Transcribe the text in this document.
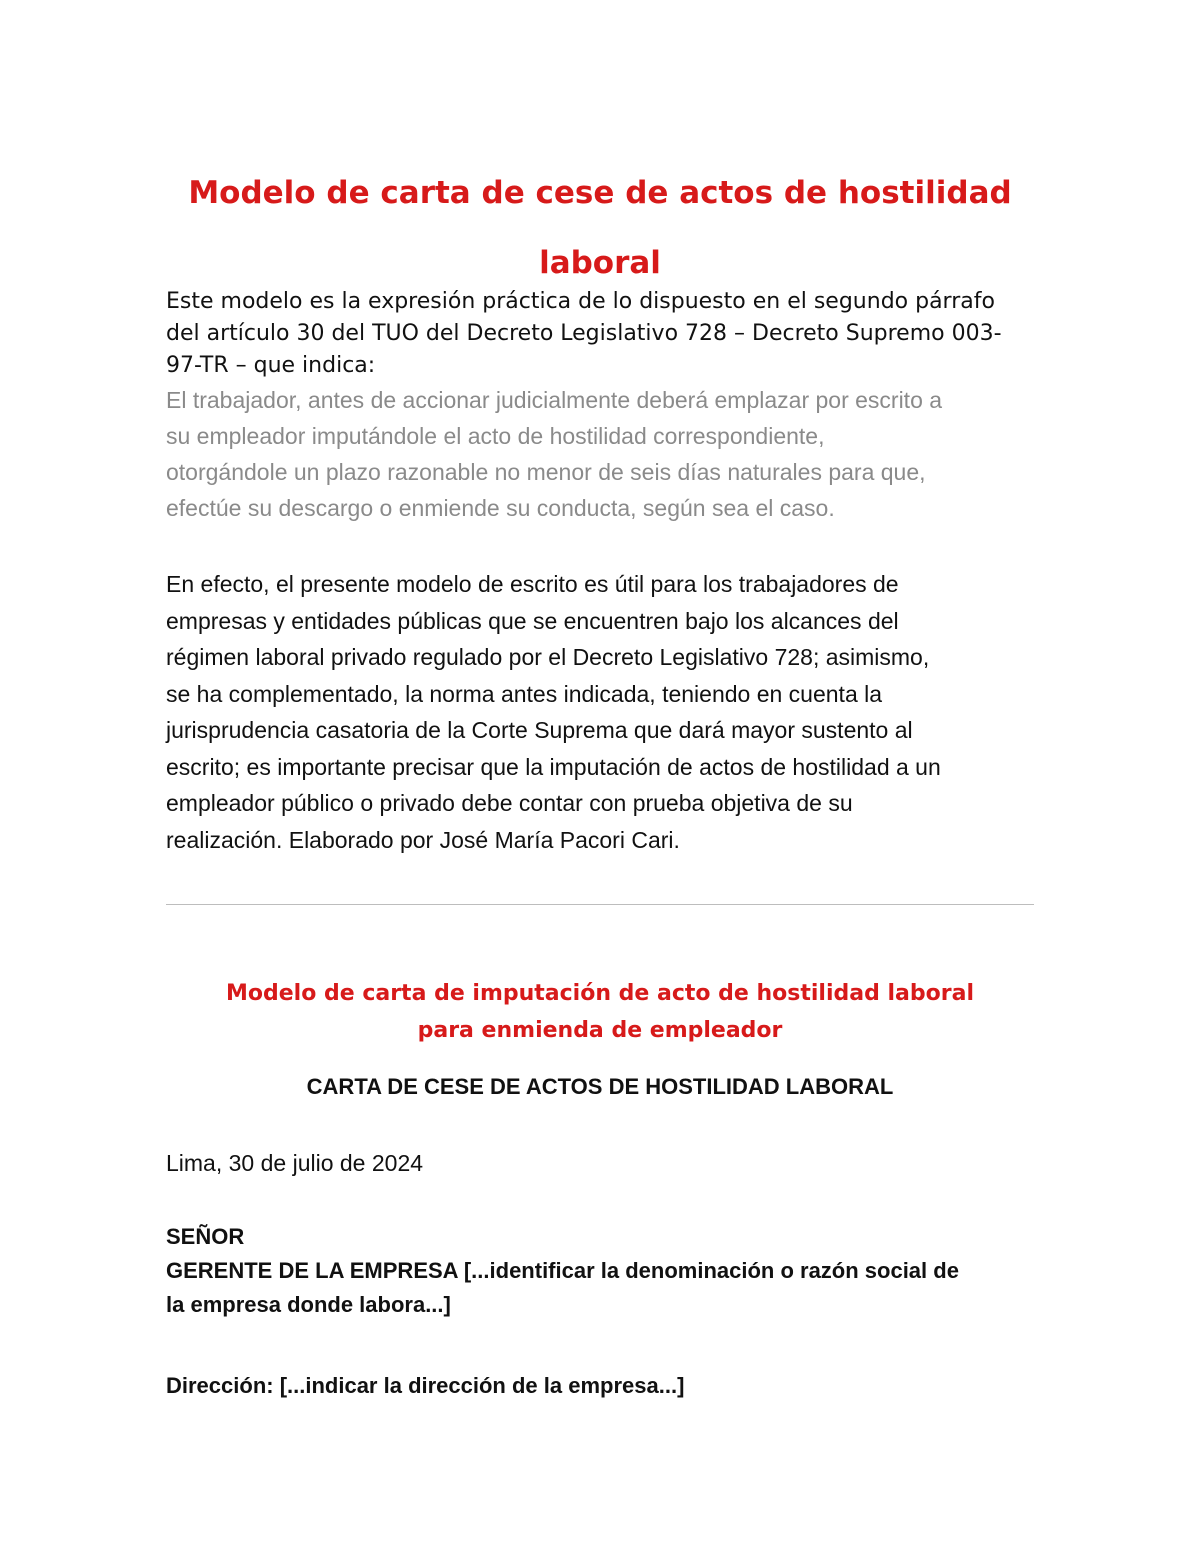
Modelo de carta de cese de actos de hostilidad
laboral

Este modelo es la expresión práctica de lo dispuesto en el segundo párrafo
del artículo 30 del TUO del Decreto Legislativo 728 – Decreto Supremo 003-
97-TR – que indica:

El trabajador, antes de accionar judicialmente deberá emplazar por escrito a
su empleador imputándole el acto de hostilidad correspondiente,
otorgándole un plazo razonable no menor de seis días naturales para que,
efectúe su descargo o enmiende su conducta, según sea el caso.

En efecto, el presente modelo de escrito es útil para los trabajadores de
empresas y entidades públicas que se encuentren bajo los alcances del
régimen laboral privado regulado por el Decreto Legislativo 728; asimismo,
se ha complementado, la norma antes indicada, teniendo en cuenta la
jurisprudencia casatoria de la Corte Suprema que dará mayor sustento al
escrito; es importante precisar que la imputación de actos de hostilidad a un
empleador público o privado debe contar con prueba objetiva de su
realización. Elaborado por José María Pacori Cari.

Modelo de carta de imputación de acto de hostilidad laboral
para enmienda de empleador
CARTA DE CESE DE ACTOS DE HOSTILIDAD LABORAL

Lima, 30 de julio de 2024

SEÑOR
GERENTE DE LA EMPRESA [...identificar la denominación o razón social de
la empresa donde labora...]

Dirección: [...indicar la dirección de la empresa...]
